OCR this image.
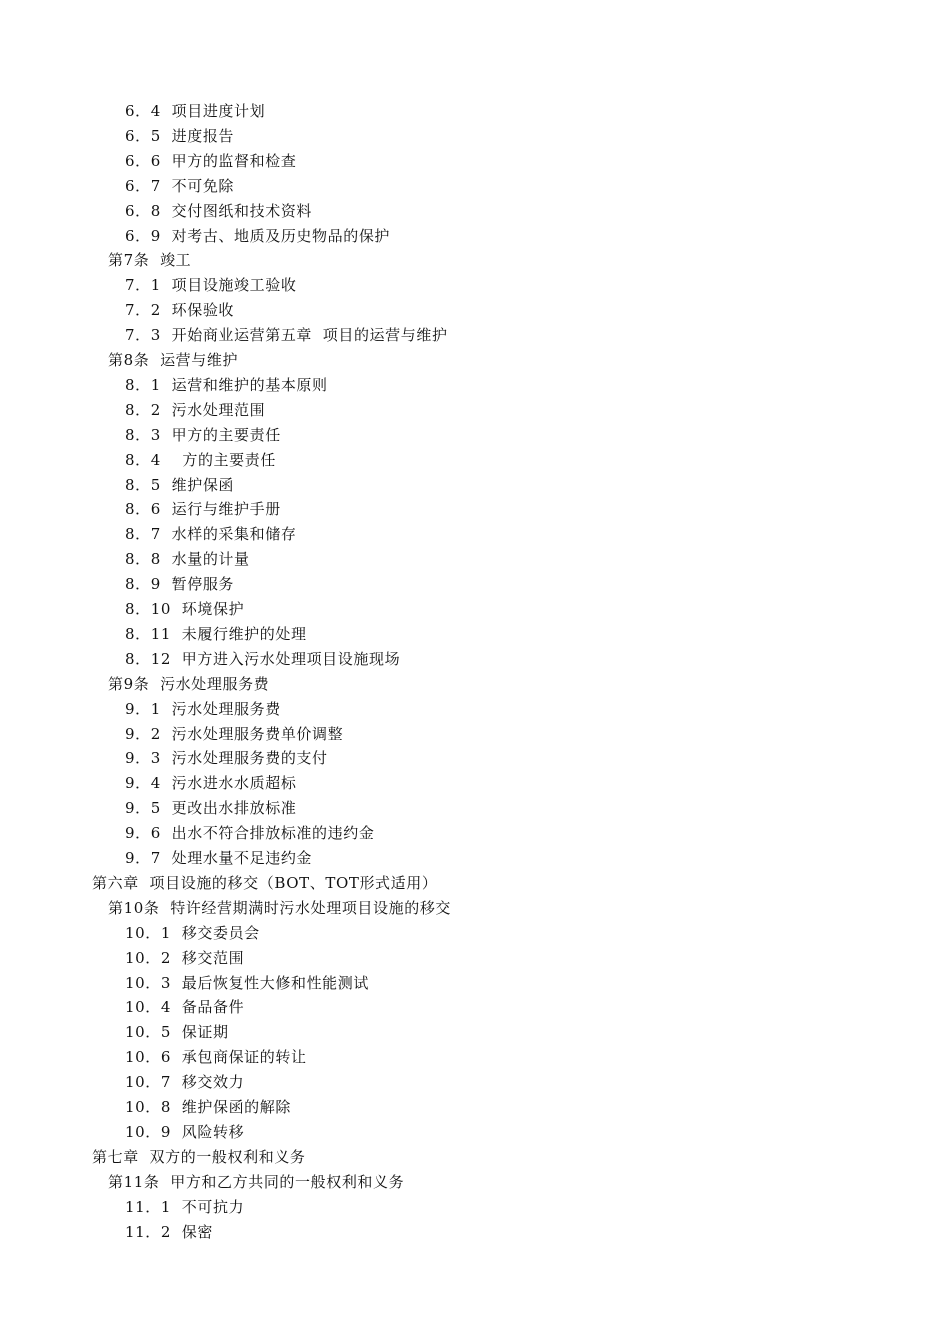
6．4  项目进度计划
6．5  进度报告
6．6  甲方的监督和检查
6．7  不可免除
6．8  交付图纸和技术资料
6．9  对考古、地质及历史物品的保护
第7条  竣工
7．1  项目设施竣工验收
7．2  环保验收
7．3  开始商业运营第五章  项目的运营与维护
第8条  运营与维护
8．1  运营和维护的基本原则
8．2  污水处理范围
8．3  甲方的主要责任
8．4    方的主要责任
8．5  维护保函
8．6  运行与维护手册
8．7  水样的采集和储存
8．8  水量的计量
8．9  暂停服务
8．10  环境保护
8．11  未履行维护的处理
8．12  甲方进入污水处理项目设施现场
第9条  污水处理服务费
9．1  污水处理服务费
9．2  污水处理服务费单价调整
9．3  污水处理服务费的支付
9．4  污水进水水质超标
9．5  更改出水排放标准
9．6  出水不符合排放标准的违约金
9．7  处理水量不足违约金
第六章  项目设施的移交（BOT、TOT形式适用）
第10条  特许经营期满时污水处理项目设施的移交
10．1  移交委员会
10．2  移交范围
10．3  最后恢复性大修和性能测试
10．4  备品备件
10．5  保证期
10．6  承包商保证的转让
10．7  移交效力
10．8  维护保函的解除
10．9  风险转移
第七章  双方的一般权利和义务
第11条  甲方和乙方共同的一般权利和义务
11．1  不可抗力
11．2  保密
